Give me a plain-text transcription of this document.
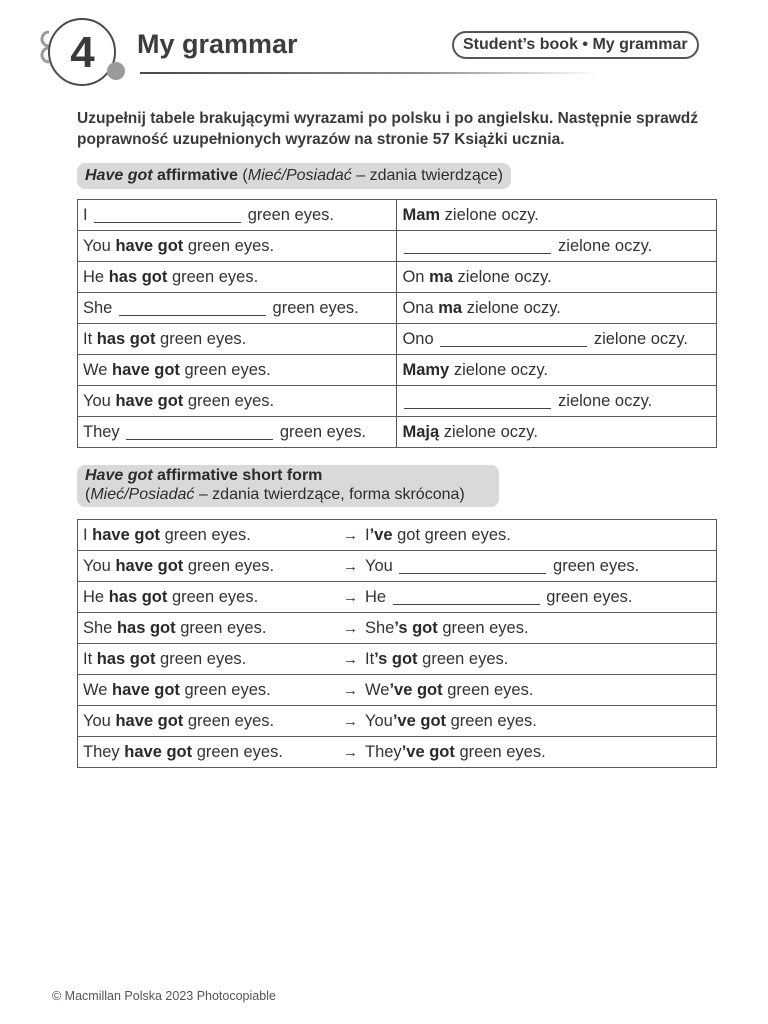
4	My grammar	Student’s book • My grammar

Uzupełnij tabele brakującymi wyrazami po polsku i po angielsku. Następnie sprawdź poprawność uzupełnionych wyrazów na stronie 57 Książki ucznia.

Have got affirmative (Mieć/Posiadać – zdania twierdzące)
I green eyes.	Mam zielone oczy.
You have got green eyes.	zielone oczy.
He has got green eyes.	On ma zielone oczy.
She green eyes.	Ona ma zielone oczy.
It has got green eyes.	Ono zielone oczy.
We have got green eyes.	Mamy zielone oczy.
You have got green eyes.	zielone oczy.
They green eyes.	Mają zielone oczy.
Have got affirmative short form
(Mieć/Posiadać – zdania twierdzące, forma skrócona)
I have got green eyes.	→ I’ve got green eyes.
You have got green eyes.	→ You green eyes.
He has got green eyes.	→ He green eyes.
She has got green eyes.	→ She’s got green eyes.
It has got green eyes.	→ It’s got green eyes.
We have got green eyes.	→ We’ve got green eyes.
You have got green eyes.	→ You’ve got green eyes.
They have got green eyes.	→ They’ve got green eyes.
© Macmillan Polska 2023 Photocopiable
